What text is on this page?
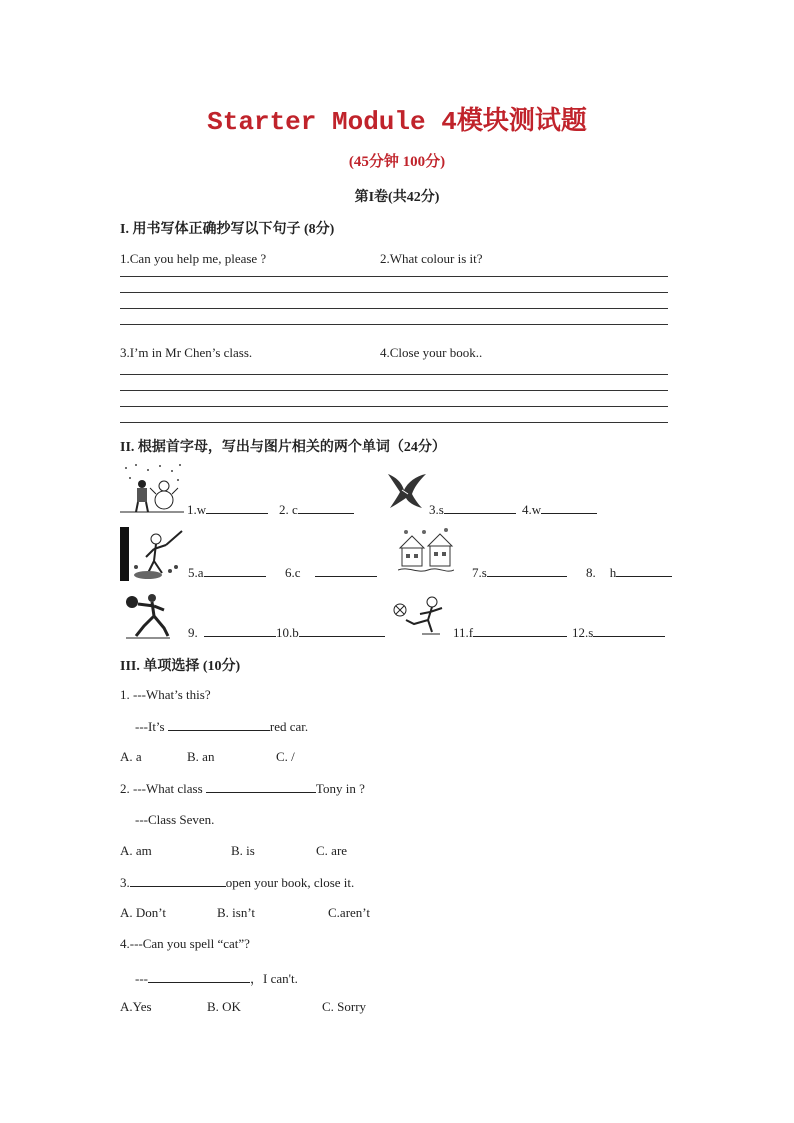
Starter Module 4模块测试题
(45分钟 100分)
第I卷(共42分)
I. 用书写体正确抄写以下句子 (8分)
1.Can you help me, please ?	2.What colour is it?
3.I’m in Mr Chen’s class.	4.Close your book..
II. 根据首字母，写出与图片相关的两个单词（24分）
1.w	2. c	3.s	4.w
5.a	6.c	7.s	8. h
9.	10.b	11.f	12.s
III. 单项选择 (10分)
1. ---What’s this?
---It’s	red car.
A. a	B. an	C. /
2. ---What class	Tony in ?
---Class Seven.
A. am	B. is	C. are
3.	open your book, close it.
A. Don’t	B. isn’t	C.aren’t
4.---Can you spell “cat”?
---	，I can't.
A.Yes	B. OK	C. Sorry
